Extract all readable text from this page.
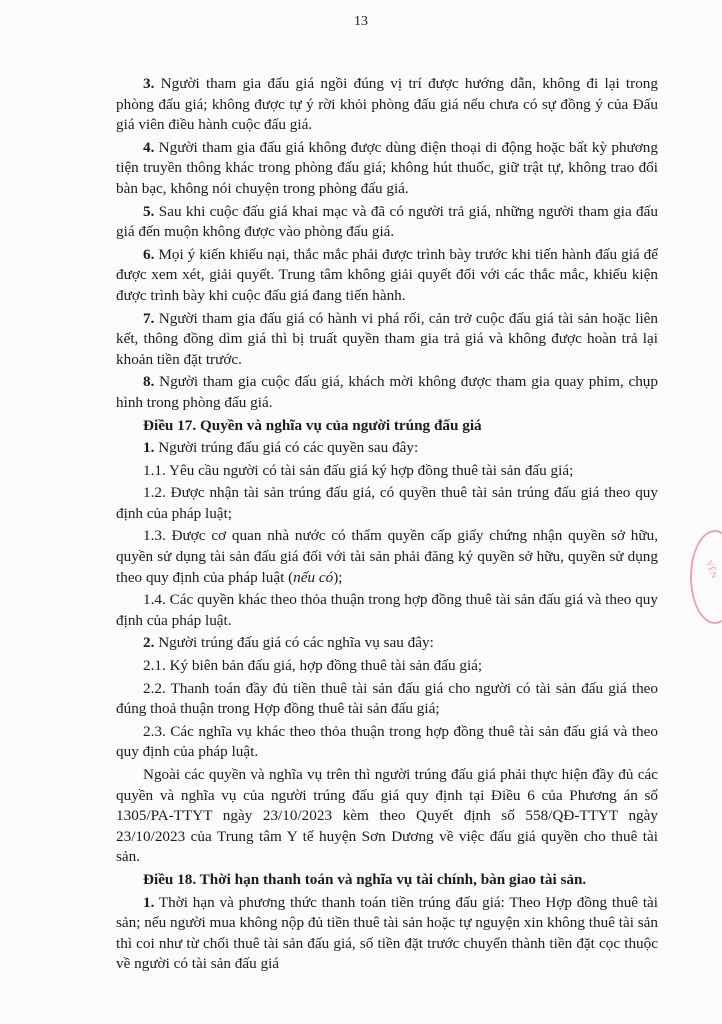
13

3. Người tham gia đấu giá ngồi đúng vị trí được hướng dẫn, không đi lại trong phòng đấu giá; không được tự ý rời khỏi phòng đấu giá nếu chưa có sự đồng ý của Đấu giá viên điều hành cuộc đấu giá.

4. Người tham gia đấu giá không được dùng điện thoại di động hoặc bất kỳ phương tiện truyền thông khác trong phòng đấu giá; không hút thuốc, giữ trật tự, không trao đổi bàn bạc, không nói chuyện trong phòng đấu giá.

5. Sau khi cuộc đấu giá khai mạc và đã có người trả giá, những người tham gia đấu giá đến muộn không được vào phòng đấu giá.

6. Mọi ý kiến khiếu nại, thắc mắc phải được trình bày trước khi tiến hành đấu giá để được xem xét, giải quyết. Trung tâm không giải quyết đối với các thắc mắc, khiếu kiện được trình bày khi cuộc đấu giá đang tiến hành.

7. Người tham gia đấu giá có hành vi phá rối, cản trở cuộc đấu giá tài sản hoặc liên kết, thông đồng dìm giá thì bị truất quyền tham gia trả giá và không được hoàn trả lại khoản tiền đặt trước.

8. Người tham gia cuộc đấu giá, khách mời không được tham gia quay phim, chụp hình trong phòng đấu giá.

Điều 17. Quyền và nghĩa vụ của người trúng đấu giá

1. Người trúng đấu giá có các quyền sau đây:

1.1. Yêu cầu người có tài sản đấu giá ký hợp đồng thuê tài sản đấu giá;

1.2. Được nhận tài sản trúng đấu giá, có quyền thuê tài sản trúng đấu giá theo quy định của pháp luật;

1.3. Được cơ quan nhà nước có thẩm quyền cấp giấy chứng nhận quyền sở hữu, quyền sử dụng tài sản đấu giá đối với tài sản phải đăng ký quyền sở hữu, quyền sử dụng theo quy định của pháp luật (nếu có);

1.4. Các quyền khác theo thỏa thuận trong hợp đồng thuê tài sản đấu giá và theo quy định của pháp luật.

2. Người trúng đấu giá có các nghĩa vụ sau đây:

2.1. Ký biên bản đấu giá, hợp đồng thuê tài sản đấu giá;

2.2. Thanh toán đầy đủ tiền thuê tài sản đấu giá cho người có tài sản đấu giá theo đúng thoả thuận trong Hợp đồng thuê tài sản đấu giá;

2.3. Các nghĩa vụ khác theo thỏa thuận trong hợp đồng thuê tài sản đấu giá và theo quy định của pháp luật.

Ngoài các quyền và nghĩa vụ trên thì người trúng đấu giá phải thực hiện đầy đủ các quyền và nghĩa vụ của người trúng đấu giá quy định tại Điều 6 của Phương án số 1305/PA-TTYT ngày 23/10/2023 kèm theo Quyết định số 558/QĐ-TTYT ngày 23/10/2023 của Trung tâm Y tế huyện Sơn Dương về việc đấu giá quyền cho thuê tài sản.

Điều 18. Thời hạn thanh toán và nghĩa vụ tài chính, bàn giao tài sản.

1. Thời hạn và phương thức thanh toán tiền trúng đấu giá: Theo Hợp đồng thuê tài sản; nếu người mua không nộp đủ tiền thuê tài sản hoặc tự nguyện xin không thuê tài sản thì coi như từ chối thuê tài sản đấu giá, số tiền đặt trước chuyển thành tiền đặt cọc thuộc về người có tài sản đấu giá

YÊN
